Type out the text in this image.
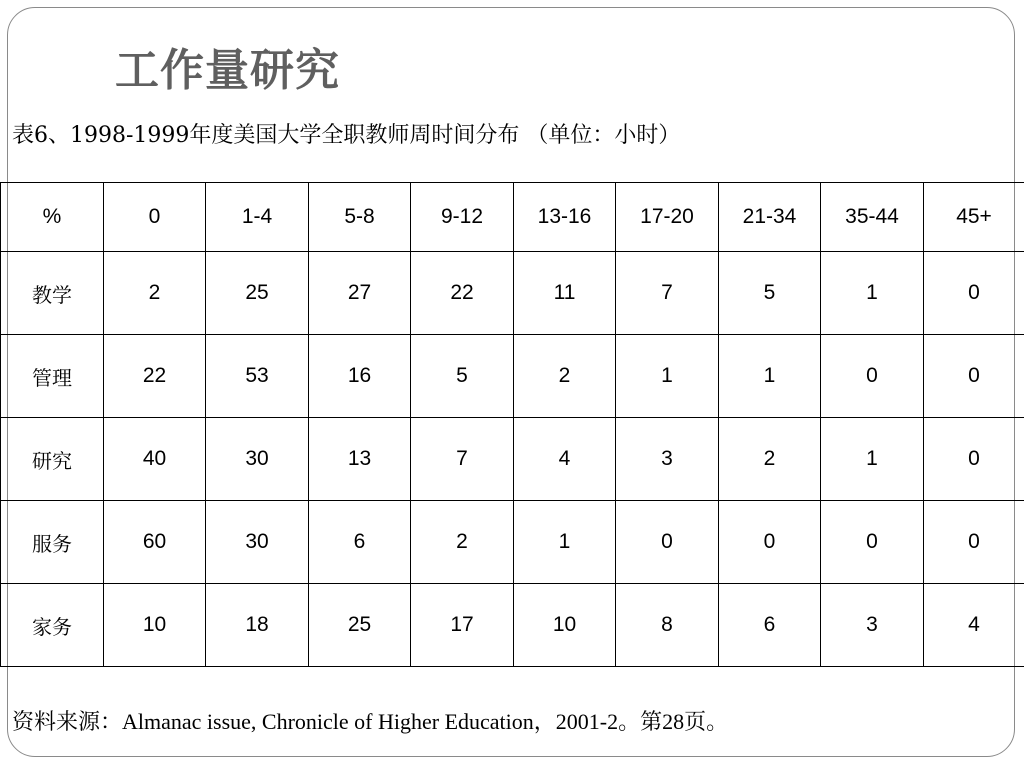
工作量研究
表6、1998-1999年度美国大学全职教师周时间分布 （单位：小时）
%	0	1-4	5-8	9-12	13-16	17-20	21-34	35-44	45+
教学	2	25	27	22	11	7	5	1	0
管理	22	53	16	5	2	1	1	0	0
研究	40	30	13	7	4	3	2	1	0
服务	60	30	6	2	1	0	0	0	0
家务	10	18	25	17	10	8	6	3	4
资料来源：Almanac issue, Chronicle of Higher Education，2001-2。第28页。
